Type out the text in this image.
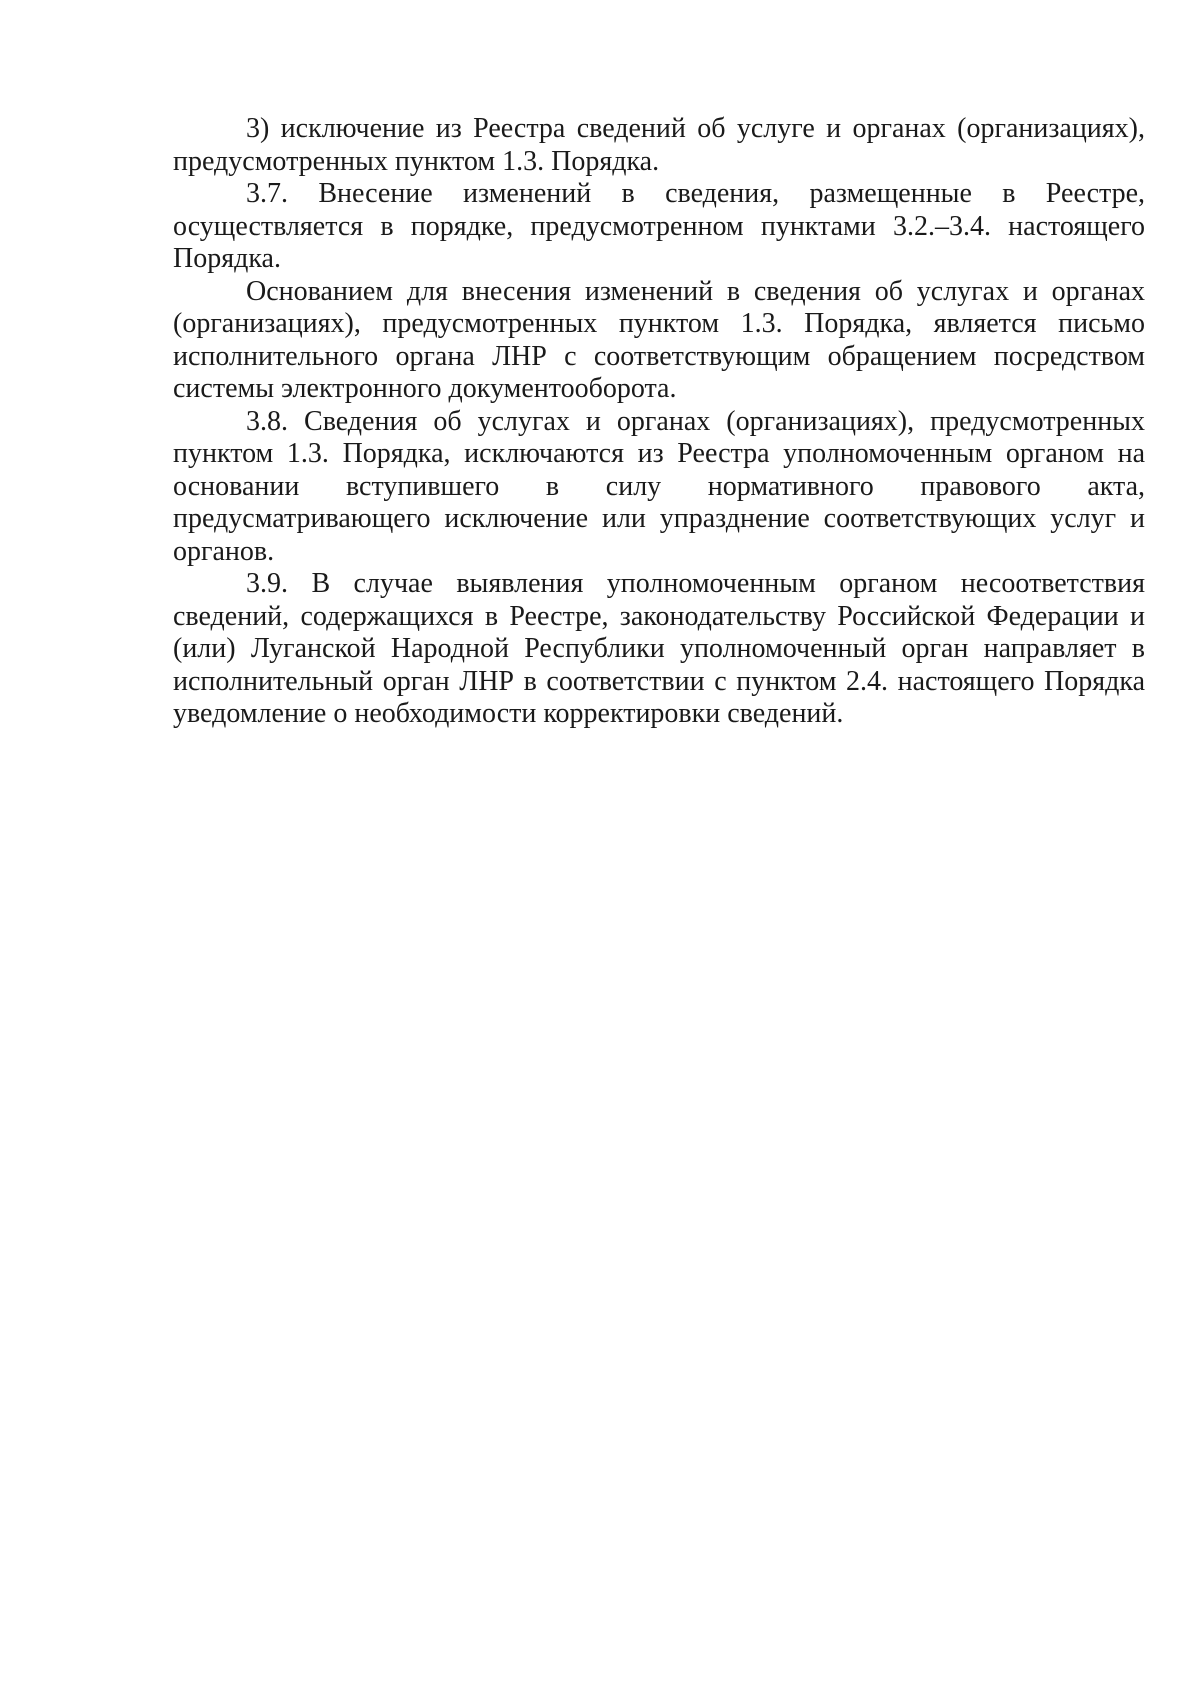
3) исключение из Реестра сведений об услуге и органах (организациях), предусмотренных пунктом 1.3. Порядка.

3.7. Внесение изменений в сведения, размещенные в Реестре, осуществляется в порядке, предусмотренном пунктами 3.2.–3.4. настоящего Порядка.

Основанием для внесения изменений в сведения об услугах и органах (организациях), предусмотренных пунктом 1.3. Порядка, является письмо исполнительного органа ЛНР с соответствующим обращением посредством системы электронного документооборота.

3.8. Сведения об услугах и органах (организациях), предусмотренных пунктом 1.3. Порядка, исключаются из Реестра уполномоченным органом на основании вступившего в силу нормативного правового акта, предусматривающего исключение или упразднение соответствующих услуг и органов.

3.9. В случае выявления уполномоченным органом несоответствия сведений, содержащихся в Реестре, законодательству Российской Федерации и (или) Луганской Народной Республики уполномоченный орган направляет в исполнительный орган ЛНР в соответствии с пунктом 2.4. настоящего Порядка уведомление о необходимости корректировки сведений.
